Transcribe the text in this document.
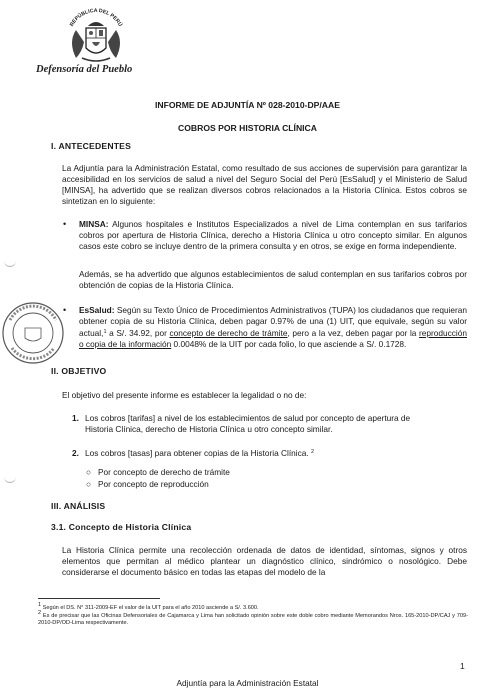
REPÚBLICA DEL PERÚ
Defensoría del Pueblo
INFORME DE ADJUNTÍA Nº 028-2010-DP/AAE
COBROS POR HISTORIA CLÍNICA
I. ANTECEDENTES
La Adjuntía para la Administración Estatal, como resultado de sus acciones de supervisión para garantizar la accesibilidad en los servicios de salud a nivel del Seguro Social del Perú [EsSalud] y el Ministerio de Salud [MINSA], ha advertido que se realizan diversos cobros relacionados a la Historia Clínica. Estos cobros se sintetizan en lo siguiente:
• MINSA: Algunos hospitales e Institutos Especializados a nivel de Lima contemplan en sus tarifarios cobros por apertura de Historia Clínica, derecho a Historia Clínica u otro concepto similar. En algunos casos este cobro se incluye dentro de la primera consulta y en otros, se exige en forma independiente.
Además, se ha advertido que algunos establecimientos de salud contemplan en sus tarifarios cobros por obtención de copias de la Historia Clínica.
• EsSalud: Según su Texto Único de Procedimientos Administrativos (TUPA) los ciudadanos que requieran obtener copia de su Historia Clínica, deben pagar 0.97% de una (1) UIT, que equivale, según su valor actual,$^1$ a S/. 34.92, por concepto de derecho de trámite, pero a la vez, deben pagar por la reproducción o copia de la información 0.0048% de la UIT por cada folio, lo que asciende a S/. 0.1728.
II. OBJETIVO
El objetivo del presente informe es establecer la legalidad o no de:
1. Los cobros [tarifas] a nivel de los establecimientos de salud por concepto de apertura de
Historia Clínica, derecho de Historia Clínica u otro concepto similar.
2. Los cobros [tasas] para obtener copias de la Historia Clínica. $^2$
○ Por concepto de derecho de trámite
○ Por concepto de reproducción
III. ANÁLISIS
3.1. Concepto de Historia Clínica
La Historia Clínica permite una recolección ordenada de datos de identidad, síntomas, signos y otros elementos que permitan al médico plantear un diagnóstico clínico, sindrómico o nosológico. Debe considerarse el documento básico en todas las etapas del modelo de la
$^1$ Según el DS. N° 311-2009-EF el valor de la UIT para el año 2010 asciende a S/. 3.600.
$^2$ Es de precisar que las Oficinas Defensoriales de Cajamarca y Lima han solicitado opinión sobre este doble cobro mediante Memorandos Nros. 165-2010-DP/CAJ y 709-2010-DP/OD-Lima respectivamente.
1
Adjuntía para la Administración Estatal
